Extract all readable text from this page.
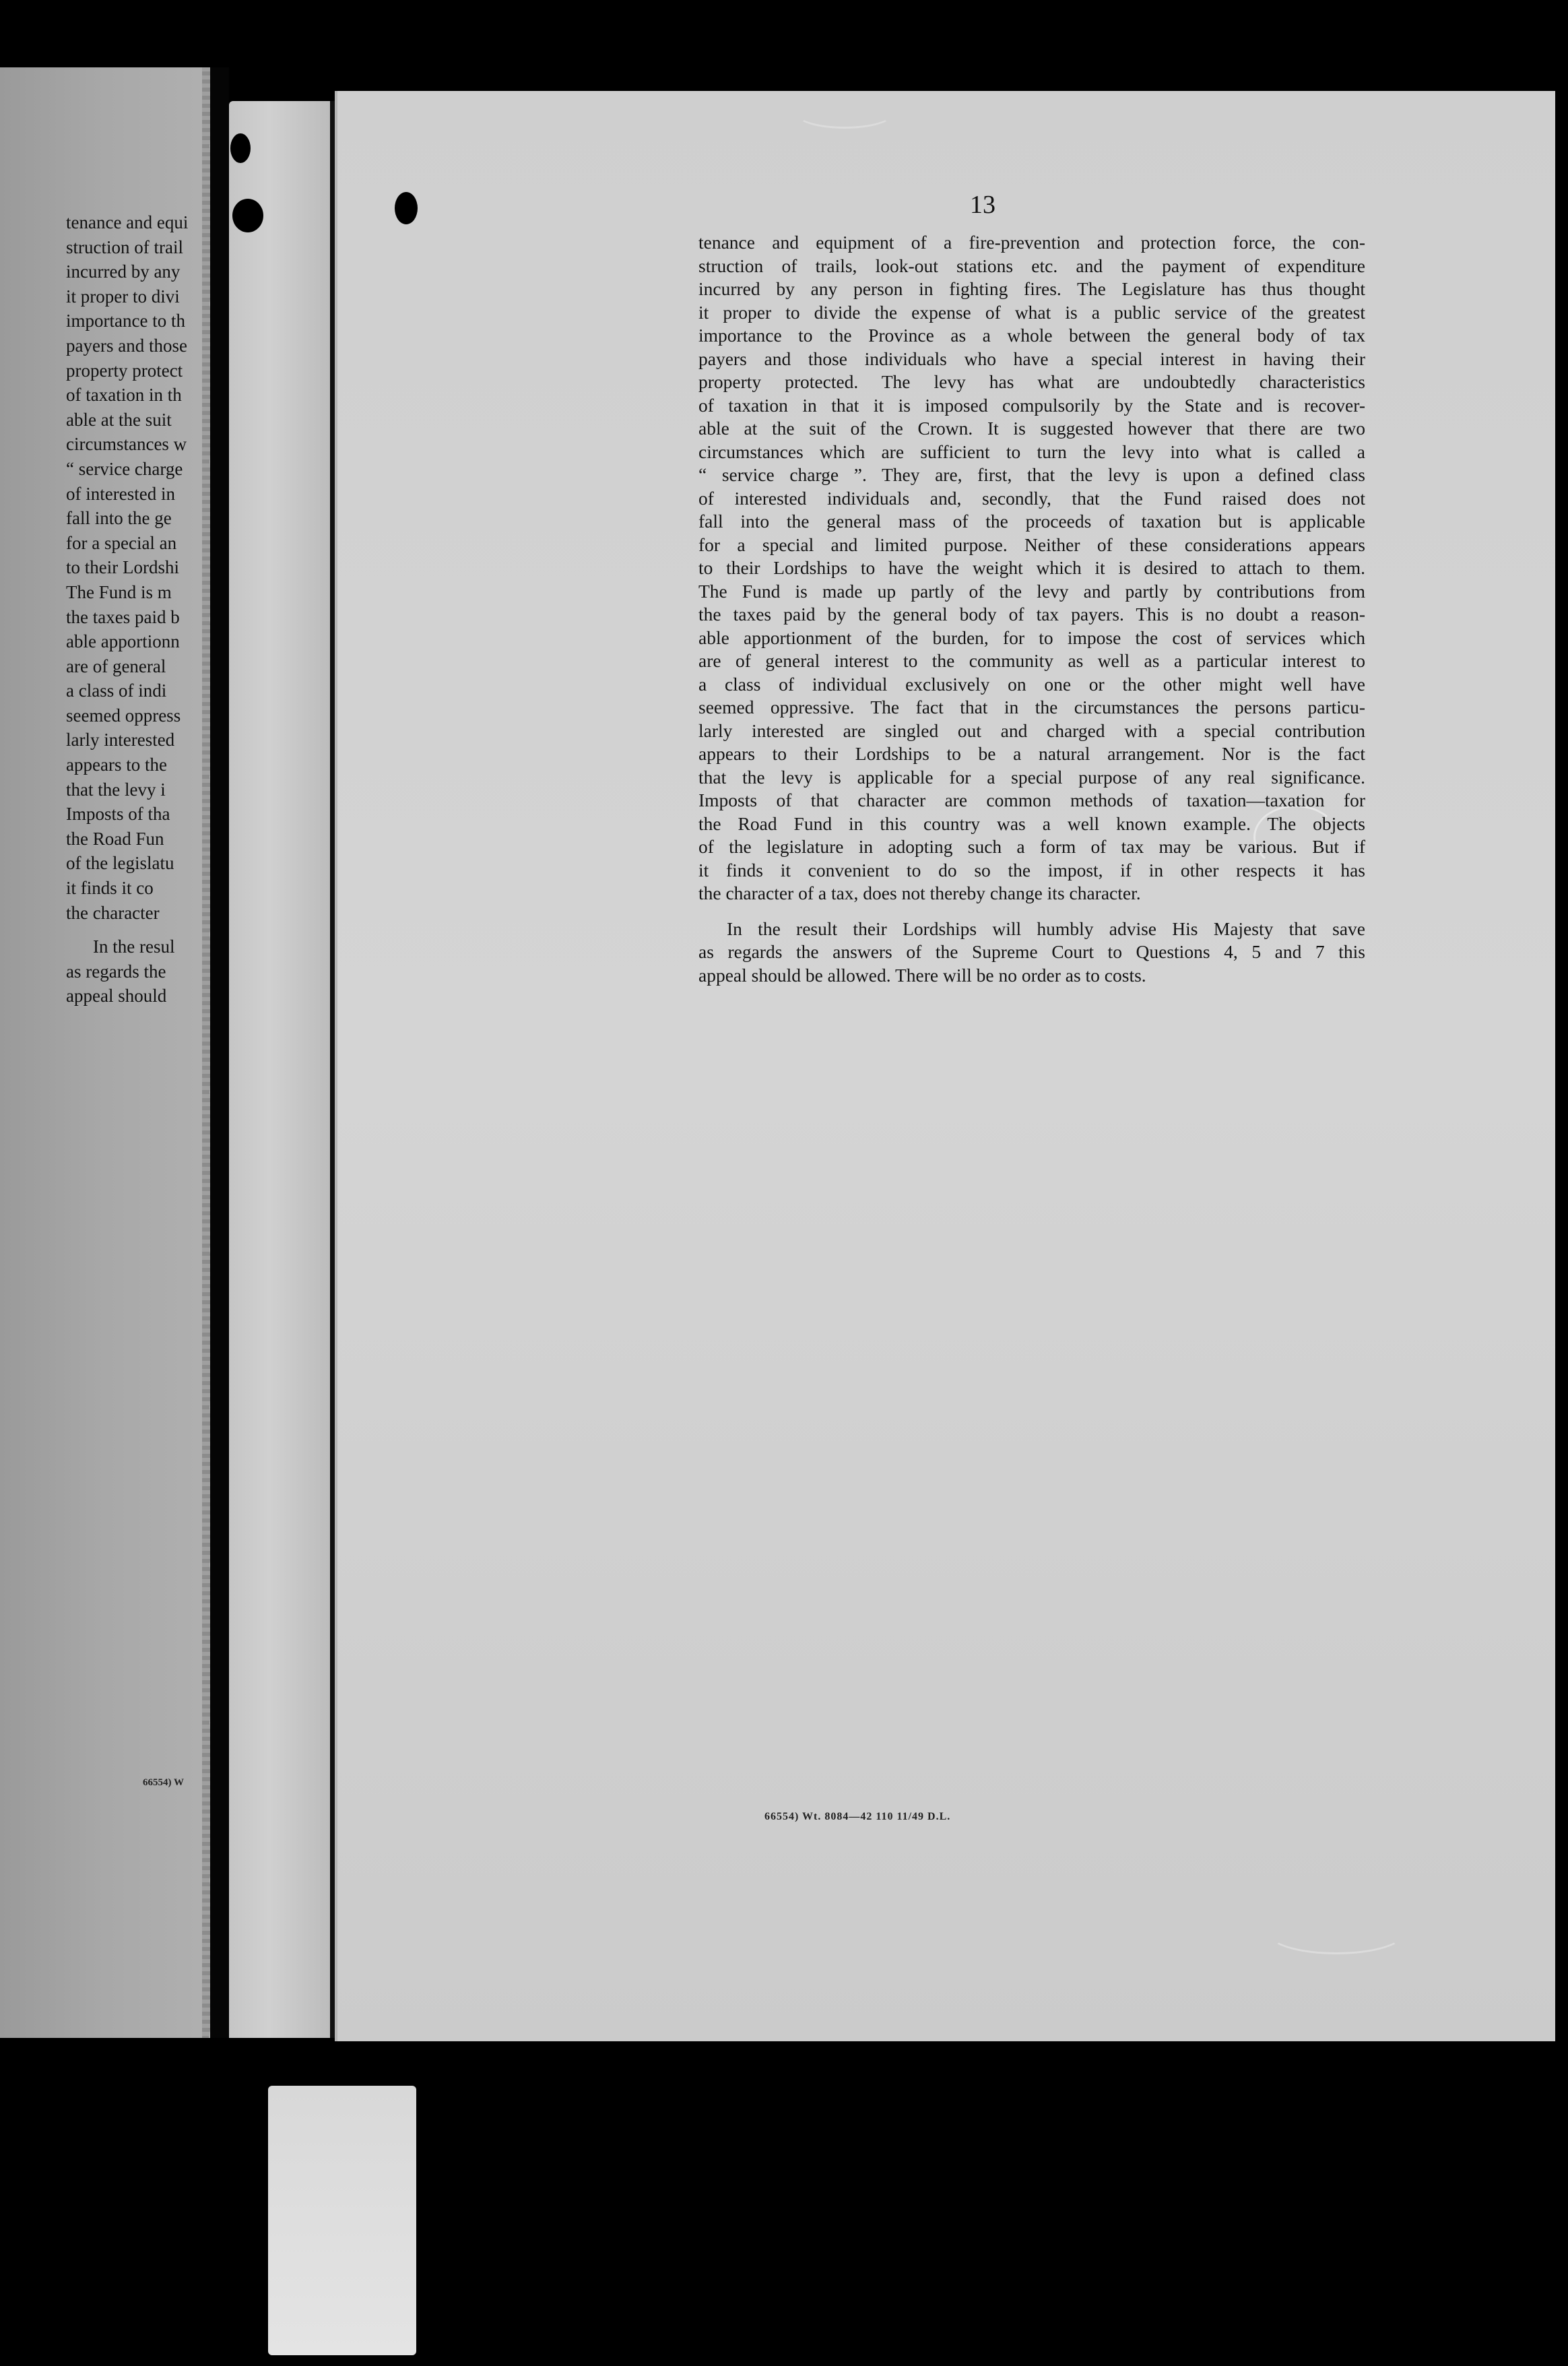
tenance and equi
struction of trail
incurred by any
it proper to divi
importance to th
payers and those
property protect
of taxation in th
able at the suit
circumstances w
“ service charge
of interested in
fall into the ge
for a special an
to their Lordshi
The Fund is m
the taxes paid b
able apportionn
are of general
a class of indi
seemed oppress
larly interested
appears to the
that the levy i
Imposts of tha
the Road Fun
of the legislatu
it finds it co
the character
In the resul
as regards the
appeal should
66554) W
13
tenance and equipment of a fire-prevention and protection force, the con-
struction of trails, look-out stations etc. and the payment of expenditure
incurred by any person in fighting fires. The Legislature has thus thought
it proper to divide the expense of what is a public service of the greatest
importance to the Province as a whole between the general body of tax
payers and those individuals who have a special interest in having their
property protected. The levy has what are undoubtedly characteristics
of taxation in that it is imposed compulsorily by the State and is recover-
able at the suit of the Crown. It is suggested however that there are two
circumstances which are sufficient to turn the levy into what is called a
“ service charge ”. They are, first, that the levy is upon a defined class
of interested individuals and, secondly, that the Fund raised does not
fall into the general mass of the proceeds of taxation but is applicable
for a special and limited purpose. Neither of these considerations appears
to their Lordships to have the weight which it is desired to attach to them.
The Fund is made up partly of the levy and partly by contributions from
the taxes paid by the general body of tax payers. This is no doubt a reason-
able apportionment of the burden, for to impose the cost of services which
are of general interest to the community as well as a particular interest to
a class of individual exclusively on one or the other might well have
seemed oppressive. The fact that in the circumstances the persons particu-
larly interested are singled out and charged with a special contribution
appears to their Lordships to be a natural arrangement. Nor is the fact
that the levy is applicable for a special purpose of any real significance.
Imposts of that character are common methods of taxation—taxation for
the Road Fund in this country was a well known example. The objects
of the legislature in adopting such a form of tax may be various. But if
it finds it convenient to do so the impost, if in other respects it has
the character of a tax, does not thereby change its character.
In the result their Lordships will humbly advise His Majesty that save
as regards the answers of the Supreme Court to Questions 4, 5 and 7 this
appeal should be allowed. There will be no order as to costs.
66554) Wt. 8084—42 110 11/49 D.L.
